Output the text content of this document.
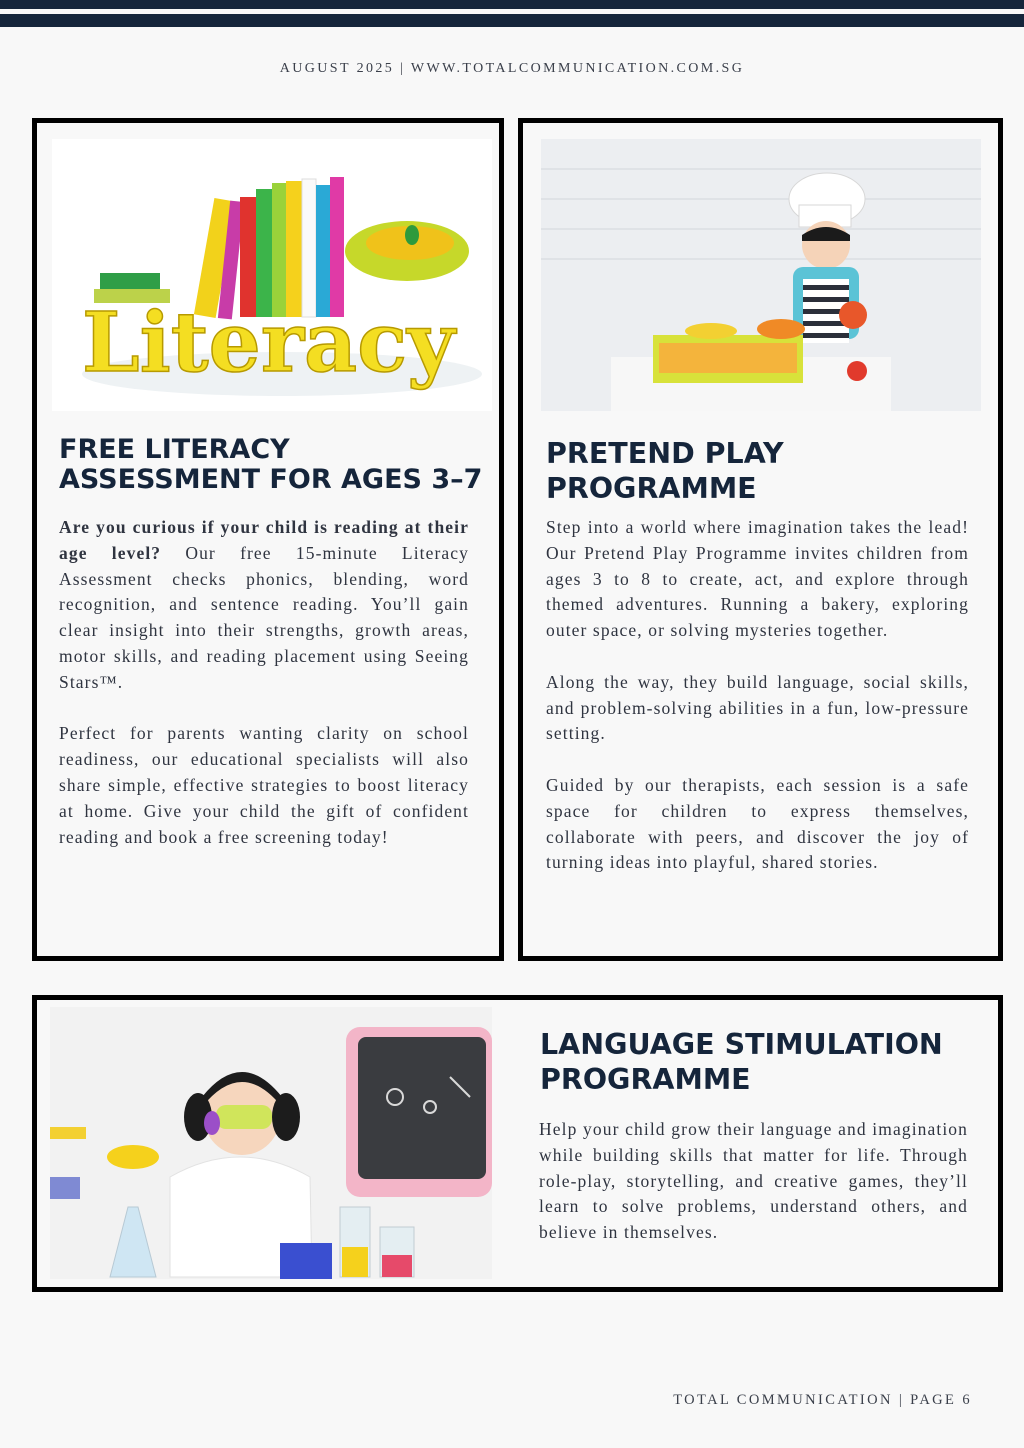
AUGUST 2025 | WWW.TOTALCOMMUNICATION.COM.SG
Literacy
FREE LITERACY
ASSESSMENT FOR AGES 3–7

Are you curious if your child is reading at their age level? Our free 15-minute Literacy Assessment checks phonics, blending, word recognition, and sentence reading. You’ll gain clear insight into their strengths, growth areas, motor skills, and reading placement using Seeing Stars™.

Perfect for parents wanting clarity on school readiness, our educational specialists will also share simple, effective strategies to boost literacy at home. Give your child the gift of confident reading and book a free screening today!

PRETEND PLAY
PROGRAMME

Step into a world where imagination takes the lead! Our Pretend Play Programme invites children from ages 3 to 8 to create, act, and explore through themed adventures. Running a bakery, exploring outer space, or solving mysteries together.

Along the way, they build language, social skills, and problem-solving abilities in a fun, low-pressure setting.

Guided by our therapists, each session is a safe space for children to express themselves, collaborate with peers, and discover the joy of turning ideas into playful, shared stories.

LANGUAGE STIMULATION
PROGRAMME

Help your child grow their language and imagination while building skills that matter for life. Through role-play, storytelling, and creative games, they’ll learn to solve problems, understand others, and believe in themselves.

TOTAL COMMUNICATION | PAGE 6
